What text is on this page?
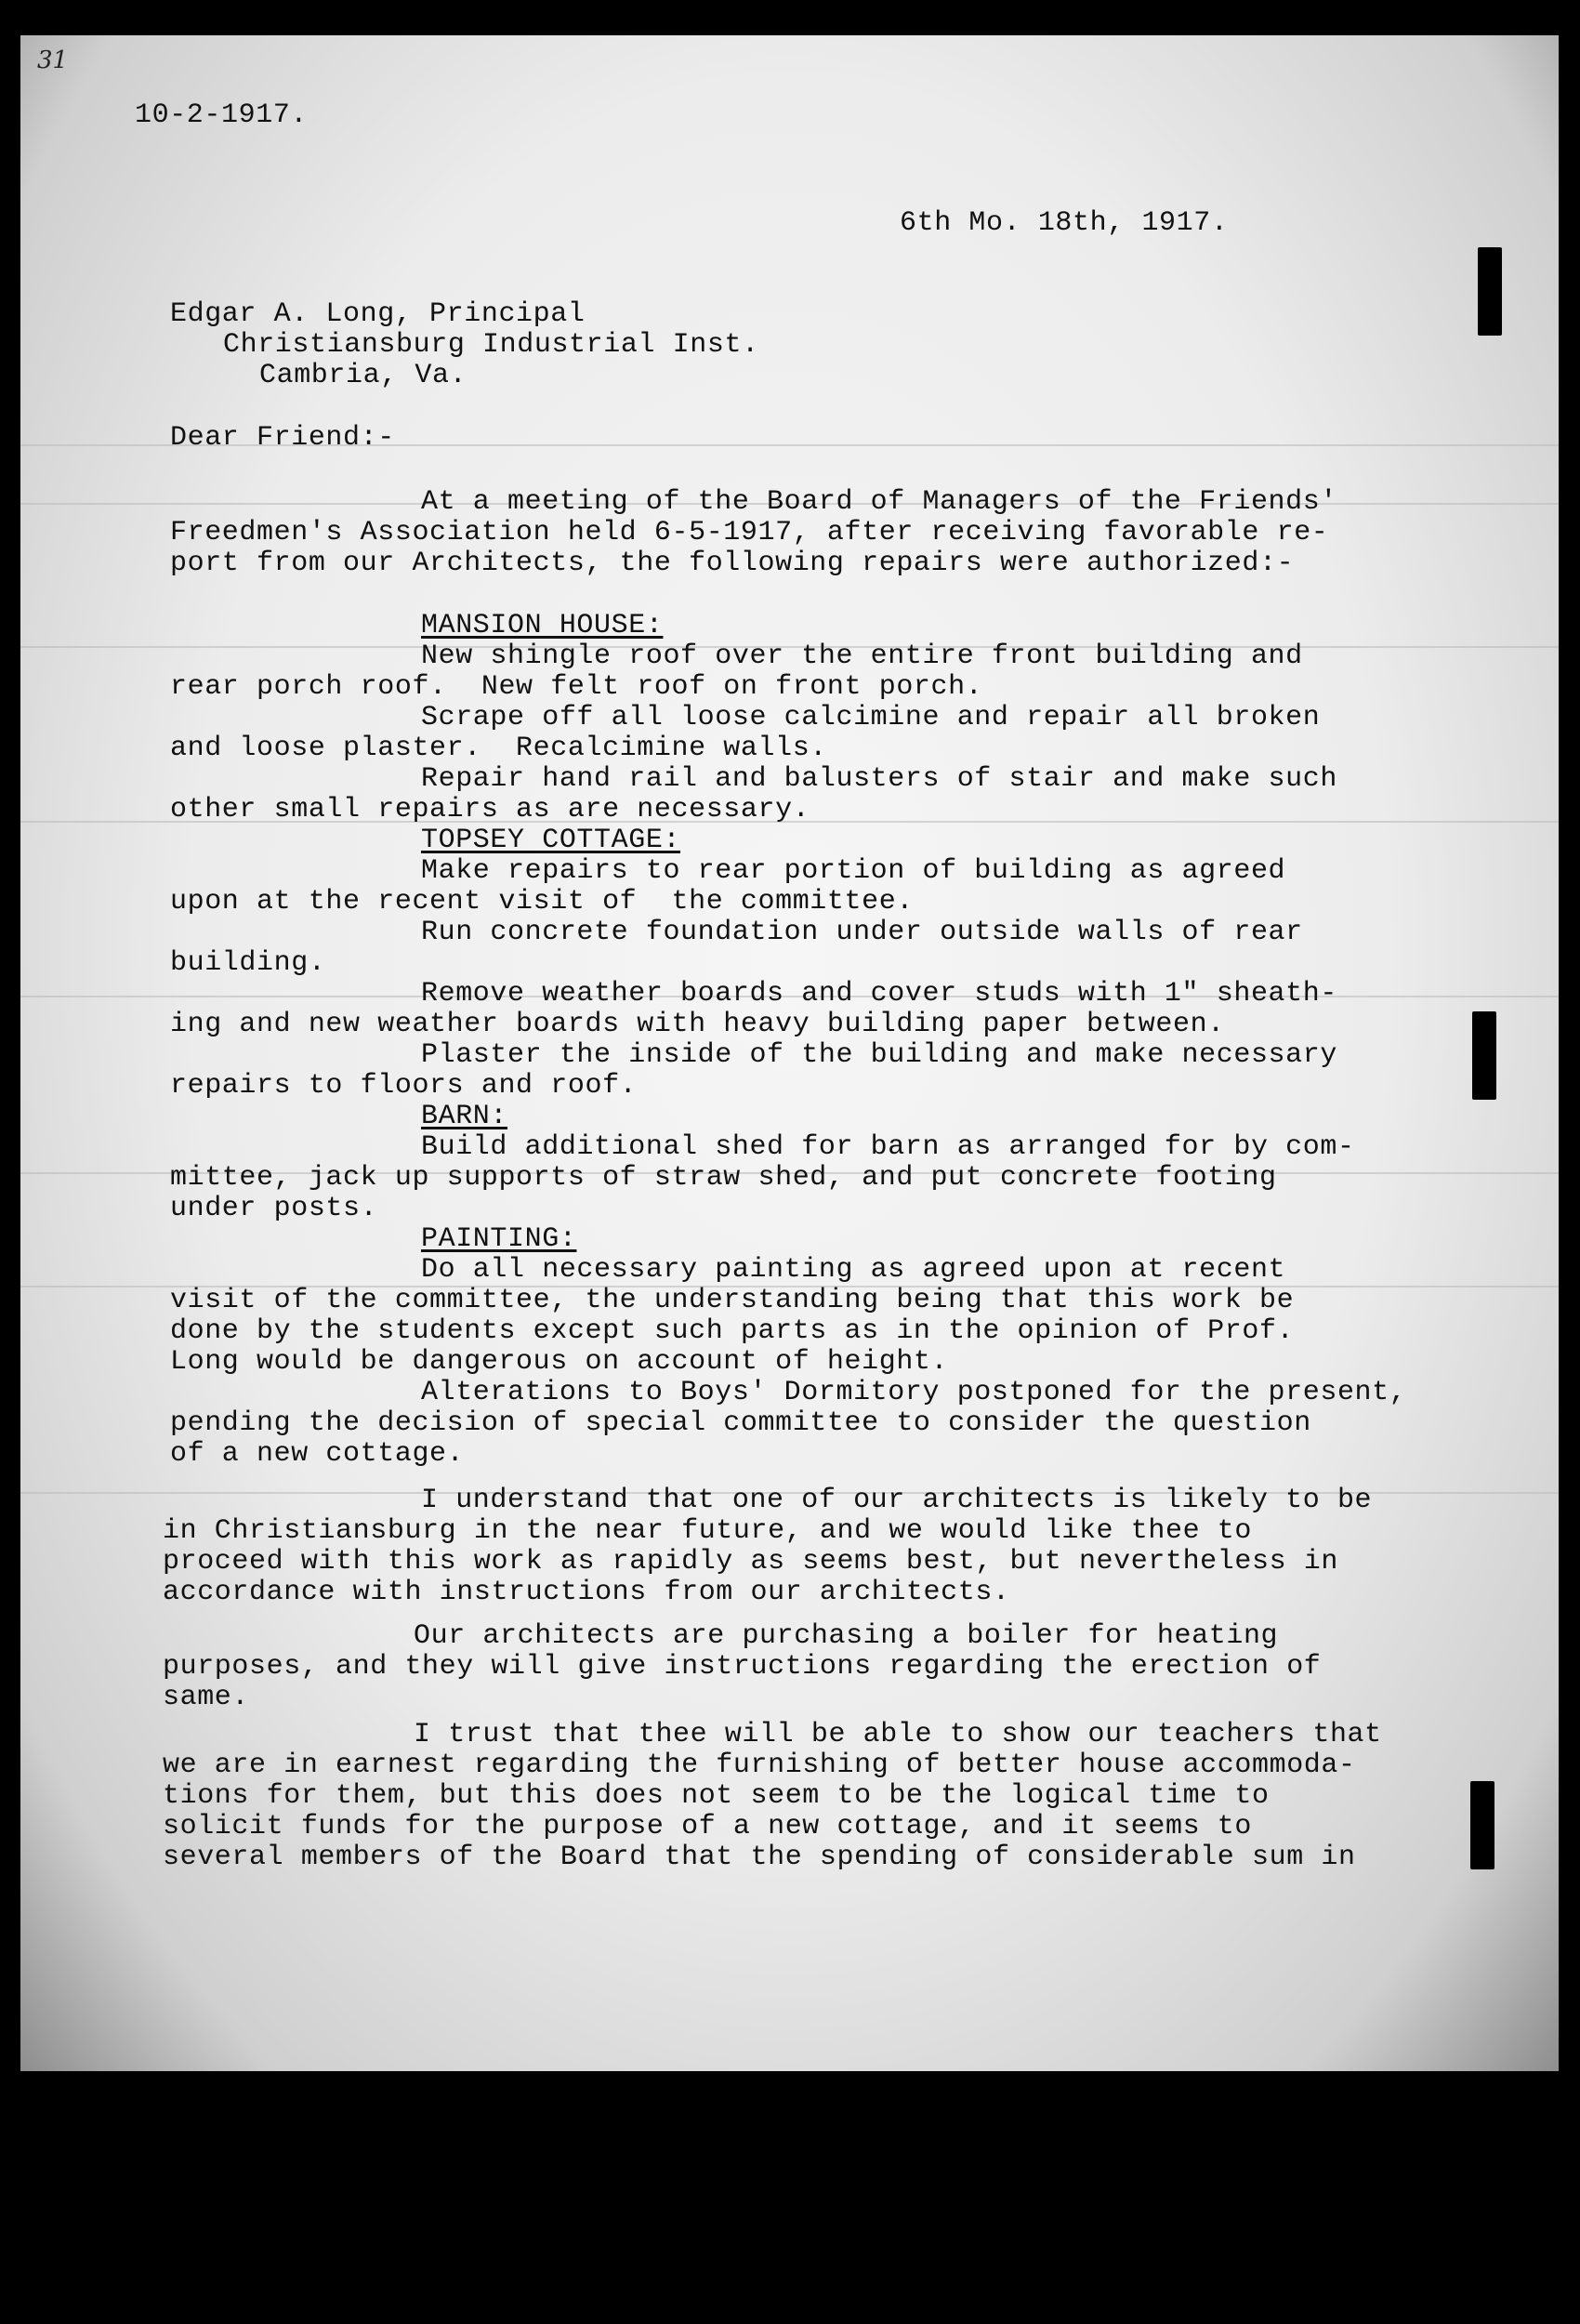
31
10-2-1917.
6th Mo. 18th, 1917.
Edgar A. Long, Principal
Christiansburg Industrial Inst.
Cambria, Va.
Dear Friend:-
At a meeting of the Board of Managers of the Friends'
Freedmen's Association held 6-5-1917, after receiving favorable re-
port from our Architects, the following repairs were authorized:-
MANSION HOUSE:
New shingle roof over the entire front building and
rear porch roof.  New felt roof on front porch.
Scrape off all loose calcimine and repair all broken
and loose plaster.  Recalcimine walls.
Repair hand rail and balusters of stair and make such
other small repairs as are necessary.
TOPSEY COTTAGE:
Make repairs to rear portion of building as agreed
upon at the recent visit of  the committee.
Run concrete foundation under outside walls of rear
building.
Remove weather boards and cover studs with 1" sheath-
ing and new weather boards with heavy building paper between.
Plaster the inside of the building and make necessary
repairs to floors and roof.
BARN:
Build additional shed for barn as arranged for by com-
mittee, jack up supports of straw shed, and put concrete footing
under posts.
PAINTING:
Do all necessary painting as agreed upon at recent
visit of the committee, the understanding being that this work be
done by the students except such parts as in the opinion of Prof.
Long would be dangerous on account of height.
Alterations to Boys' Dormitory postponed for the present,
pending the decision of special committee to consider the question
of a new cottage.
I understand that one of our architects is likely to be
in Christiansburg in the near future, and we would like thee to
proceed with this work as rapidly as seems best, but nevertheless in
accordance with instructions from our architects.
Our architects are purchasing a boiler for heating
purposes, and they will give instructions regarding the erection of
same.
I trust that thee will be able to show our teachers that
we are in earnest regarding the furnishing of better house accommoda-
tions for them, but this does not seem to be the logical time to
solicit funds for the purpose of a new cottage, and it seems to
several members of the Board that the spending of considerable sum in
